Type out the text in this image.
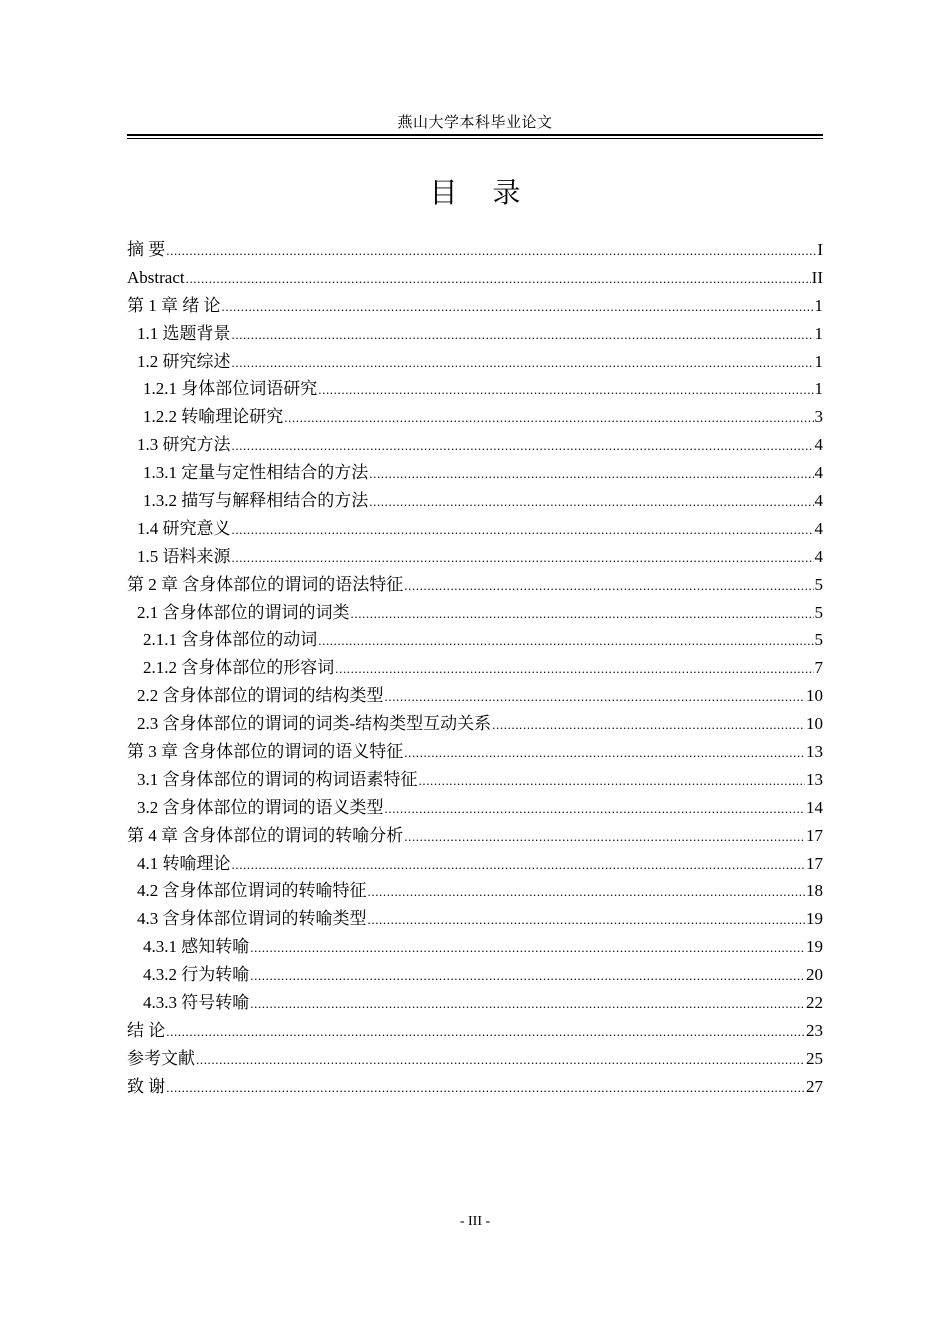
燕山大学本科毕业论文
目 录
摘 要 .....	I
Abstract .....	II
第 1 章 绪 论 .....	1
1.1 选题背景 .....	1
1.2 研究综述 .....	1
1.2.1 身体部位词语研究 .....	1
1.2.2 转喻理论研究 .....	3
1.3 研究方法 .....	4
1.3.1 定量与定性相结合的方法 .....	4
1.3.2 描写与解释相结合的方法 .....	4
1.4 研究意义 .....	4
1.5 语料来源 .....	4
第 2 章 含身体部位的谓词的语法特征 .....	5
2.1 含身体部位的谓词的词类 .....	5
2.1.1 含身体部位的动词 .....	5
2.1.2 含身体部位的形容词 .....	7
2.2 含身体部位的谓词的结构类型 .....	10
2.3 含身体部位的谓词的词类-结构类型互动关系 .....	10
第 3 章 含身体部位的谓词的语义特征 .....	13
3.1 含身体部位的谓词的构词语素特征 .....	13
3.2 含身体部位的谓词的语义类型 .....	14
第 4 章 含身体部位的谓词的转喻分析 .....	17
4.1 转喻理论 .....	17
4.2 含身体部位谓词的转喻特征 .....	18
4.3 含身体部位谓词的转喻类型 .....	19
4.3.1 感知转喻 .....	19
4.3.2 行为转喻 .....	20
4.3.3 符号转喻 .....	22
结 论 .....	23
参考文献 .....	25
致 谢 .....	27
- III -
